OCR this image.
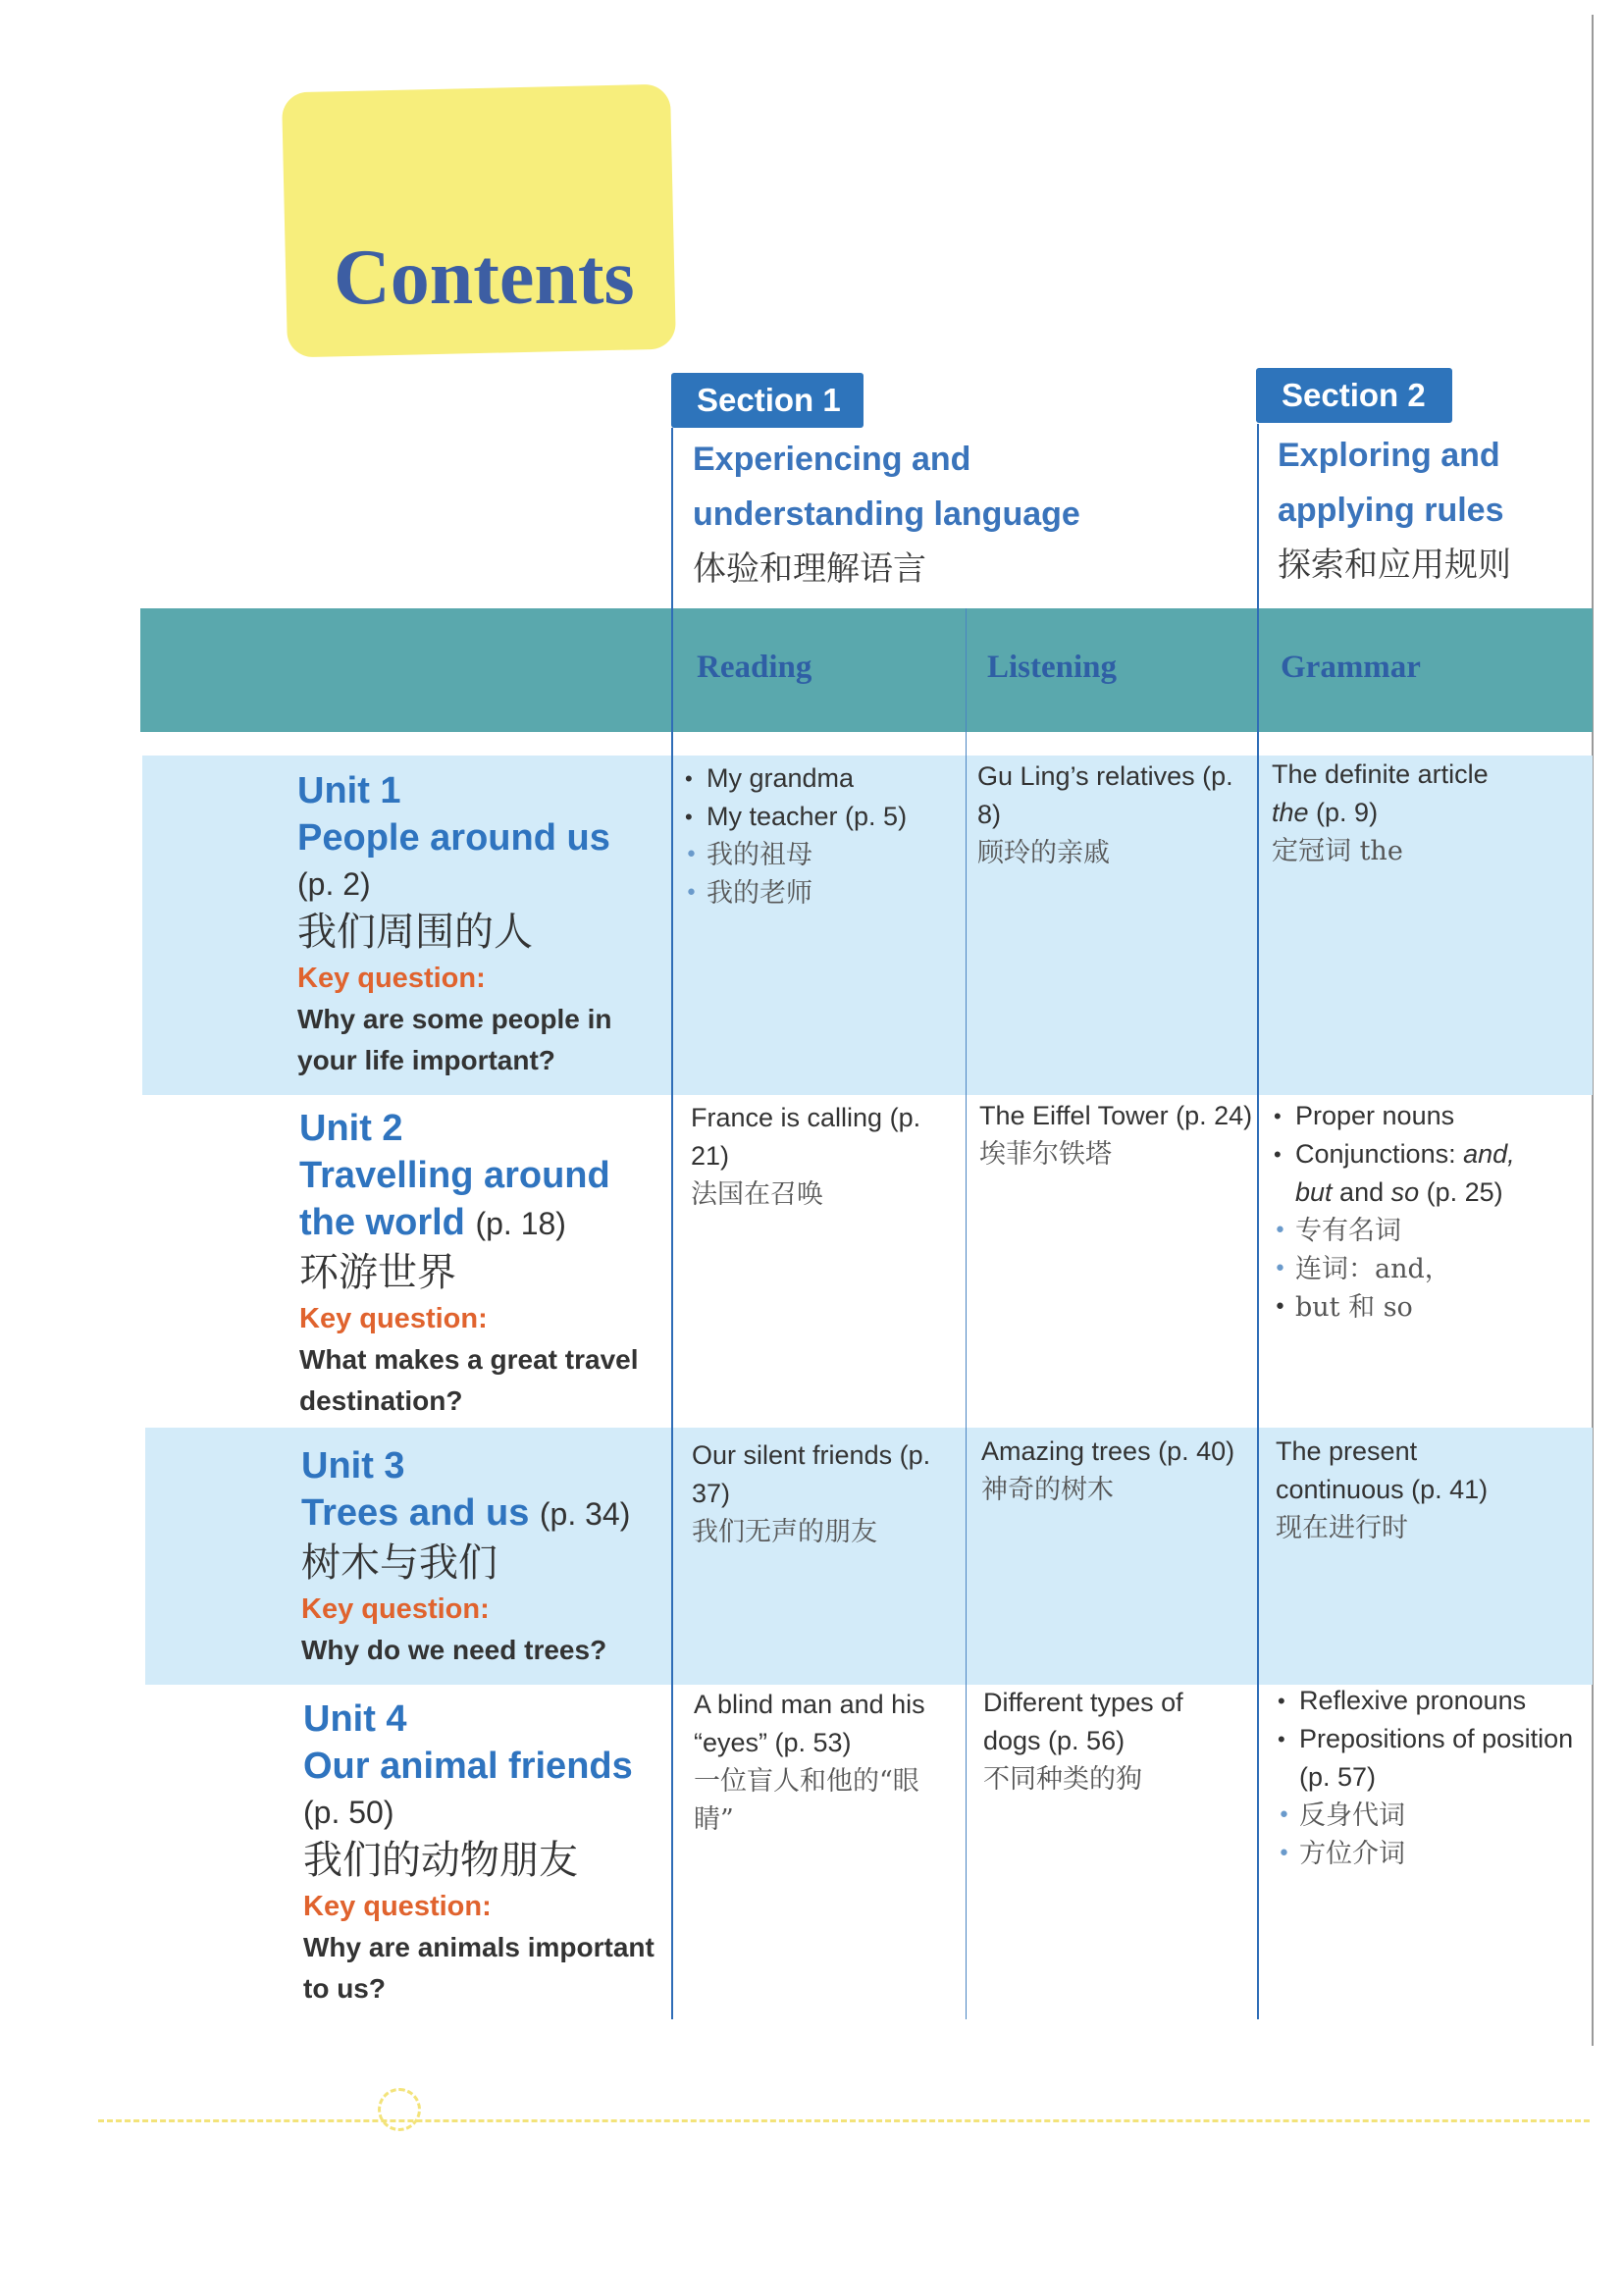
Contents
Section 1
Experiencing and
understanding language
体验和理解语言
Section 2
Exploring and
applying rules
探索和应用规则
Reading	Listening	Grammar
Unit 1
People around us
(p. 2)
我们周围的人
Key question:
Why are some people in your life important?
• My grandma
• My teacher (p. 5)
• 我的祖母
• 我的老师
Gu Ling’s relatives (p. 8)
顾玲的亲戚
The definite article
the (p. 9)
定冠词 the
Unit 2
Travelling around
the world (p. 18)
环游世界
Key question:
What makes a great travel destination?
France is calling (p. 21)
法国在召唤
The Eiffel Tower (p. 24)
埃菲尔铁塔
• Proper nouns
• Conjunctions: and,
but and so (p. 25)
• 专有名词
• 连词：and，
• but 和 so
Unit 3
Trees and us (p. 34)
树木与我们
Key question:
Why do we need trees?
Our silent friends (p. 37)
我们无声的朋友
Amazing trees (p. 40)
神奇的树木
The present continuous (p. 41)
现在进行时
Unit 4
Our animal friends
(p. 50)
我们的动物朋友
Key question:
Why are animals important to us?
A blind man and his “eyes” (p. 53)
一位盲人和他的“眼睛”
Different types of dogs (p. 56)
不同种类的狗
• Reflexive pronouns
• Prepositions of position (p. 57)
• 反身代词
• 方位介词
